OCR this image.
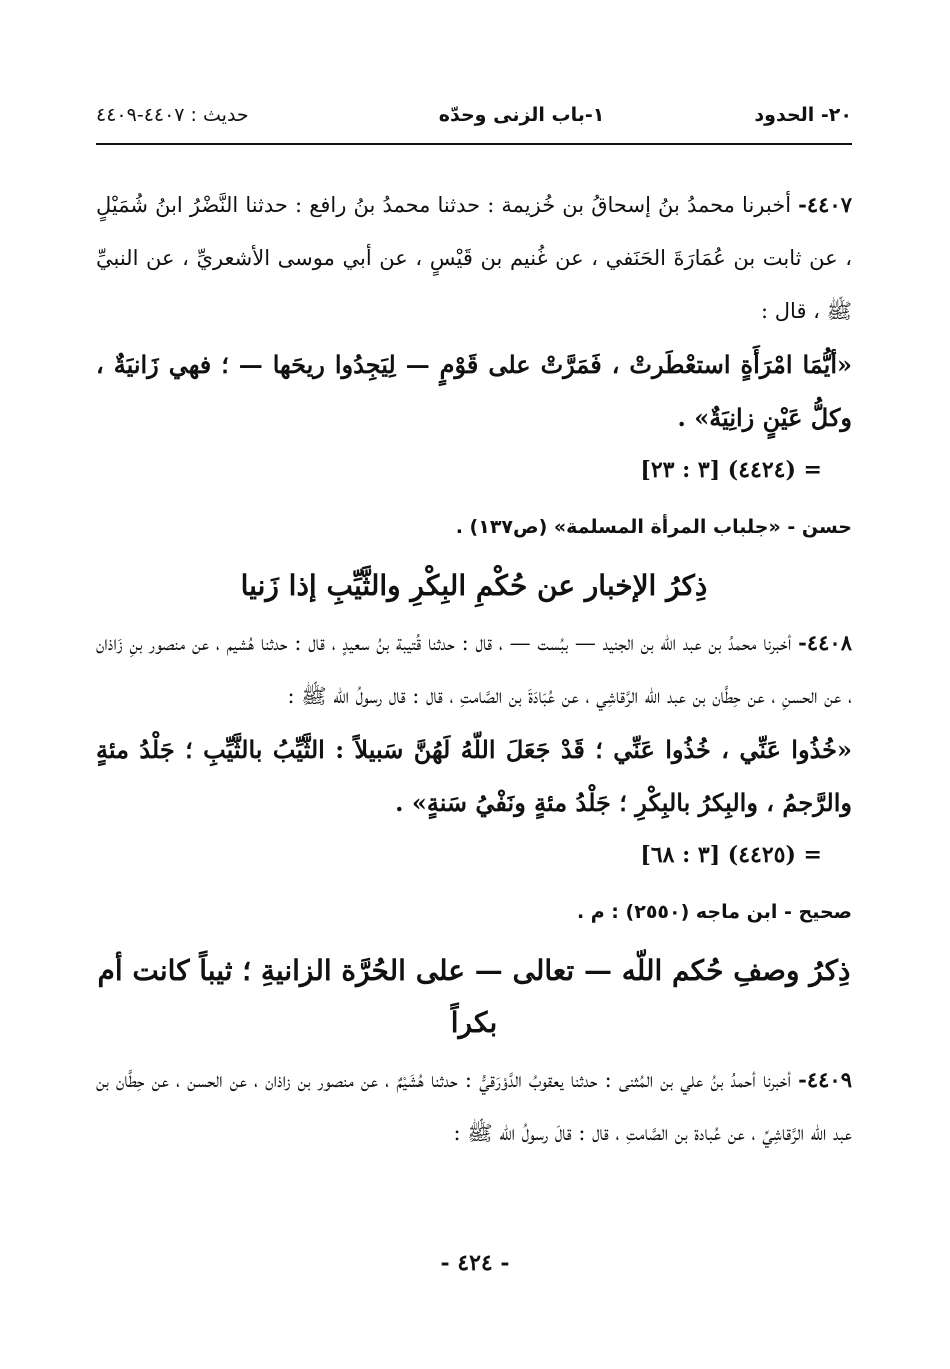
٢٠- الحدود
١-باب الزنى وحدّه
حديث : ٤٤٠٧-٤٤٠٩

٤٤٠٧- أخبرنا محمدُ بنُ إسحاقُ بن خُزيمة : حدثنا محمدُ بنُ رافع : حدثنا النَّضْرُ ابنُ شُمَيْلٍ ، عن ثابت بن عُمَارَةَ الحَنَفي ، عن غُنيم بن قَيْسٍ ، عن أبي موسى الأشعريِّ ، عن النبيِّ ﷺ ، قال :

«أيُّمَا امْرَأَةٍ استعْطَرتْ ، فَمَرَّتْ على قَوْمٍ — لِيَجِدُوا ريحَها — ؛ فهي زَانيَةٌ ، وكلُّ عَيْنٍ زانِيَةٌ» .

= (٤٤٢٤) [٣ : ٢٣]

حسن - «جلباب المرأة المسلمة» (ص١٣٧) .

ذِكرُ الإخبار عن حُكْمِ البِكْرِ والثَّيِّبِ إذا زَنيا

٤٤٠٨- أخبرنا محمدُ بن عبد اللّه بن الجنيد — ببُست — ، قال : حدثنا قُتيبة بنُ سعيدٍ ، قال : حدثنا هُشيم ، عن منصور بنِ زَاذان ، عن الحسنِ ، عن حِطَّان بن عبد اللّه الرَّقاشِي ، عن عُبَادَةَ بن الصَّامتِ ، قال : قال رسولُ اللّه ﷺ :

«خُذُوا عَنِّي ، خُذُوا عَنِّي ؛ قَدْ جَعَلَ اللّهُ لَهُنَّ سَبيلاً : الثَّيِّبُ بالثَّيِّبِ ؛ جَلْدُ مئةٍ والرَّجمُ ، والبِكرُ بالبِكْرِ ؛ جَلْدُ مئةٍ ونَفْيُ سَنةٍ» .

= (٤٤٢٥) [٣ : ٦٨]

صحيح - ابن ماجه (٢٥٥٠) : م .

ذِكرُ وصفِ حُكم اللّه — تعالى — على الحُرَّة الزانيةِ ؛ ثيباً كانت أم بكراً

٤٤٠٩- أخبرنا أحمدُ بنُ علي بن المُثنى : حدثنا يعقوبُ الدَّوْرَقيُّ : حدثنا هُشَيْمٌ ، عن منصور بن زاذان ، عن الحسن ، عن حِطَّان بن عبد اللّه الرَّقاشِيِّ ، عن عُبادة بن الصَّامتِ ، قال : قالَ رسولُ اللّه ﷺ :

- ٤٢٤ -
